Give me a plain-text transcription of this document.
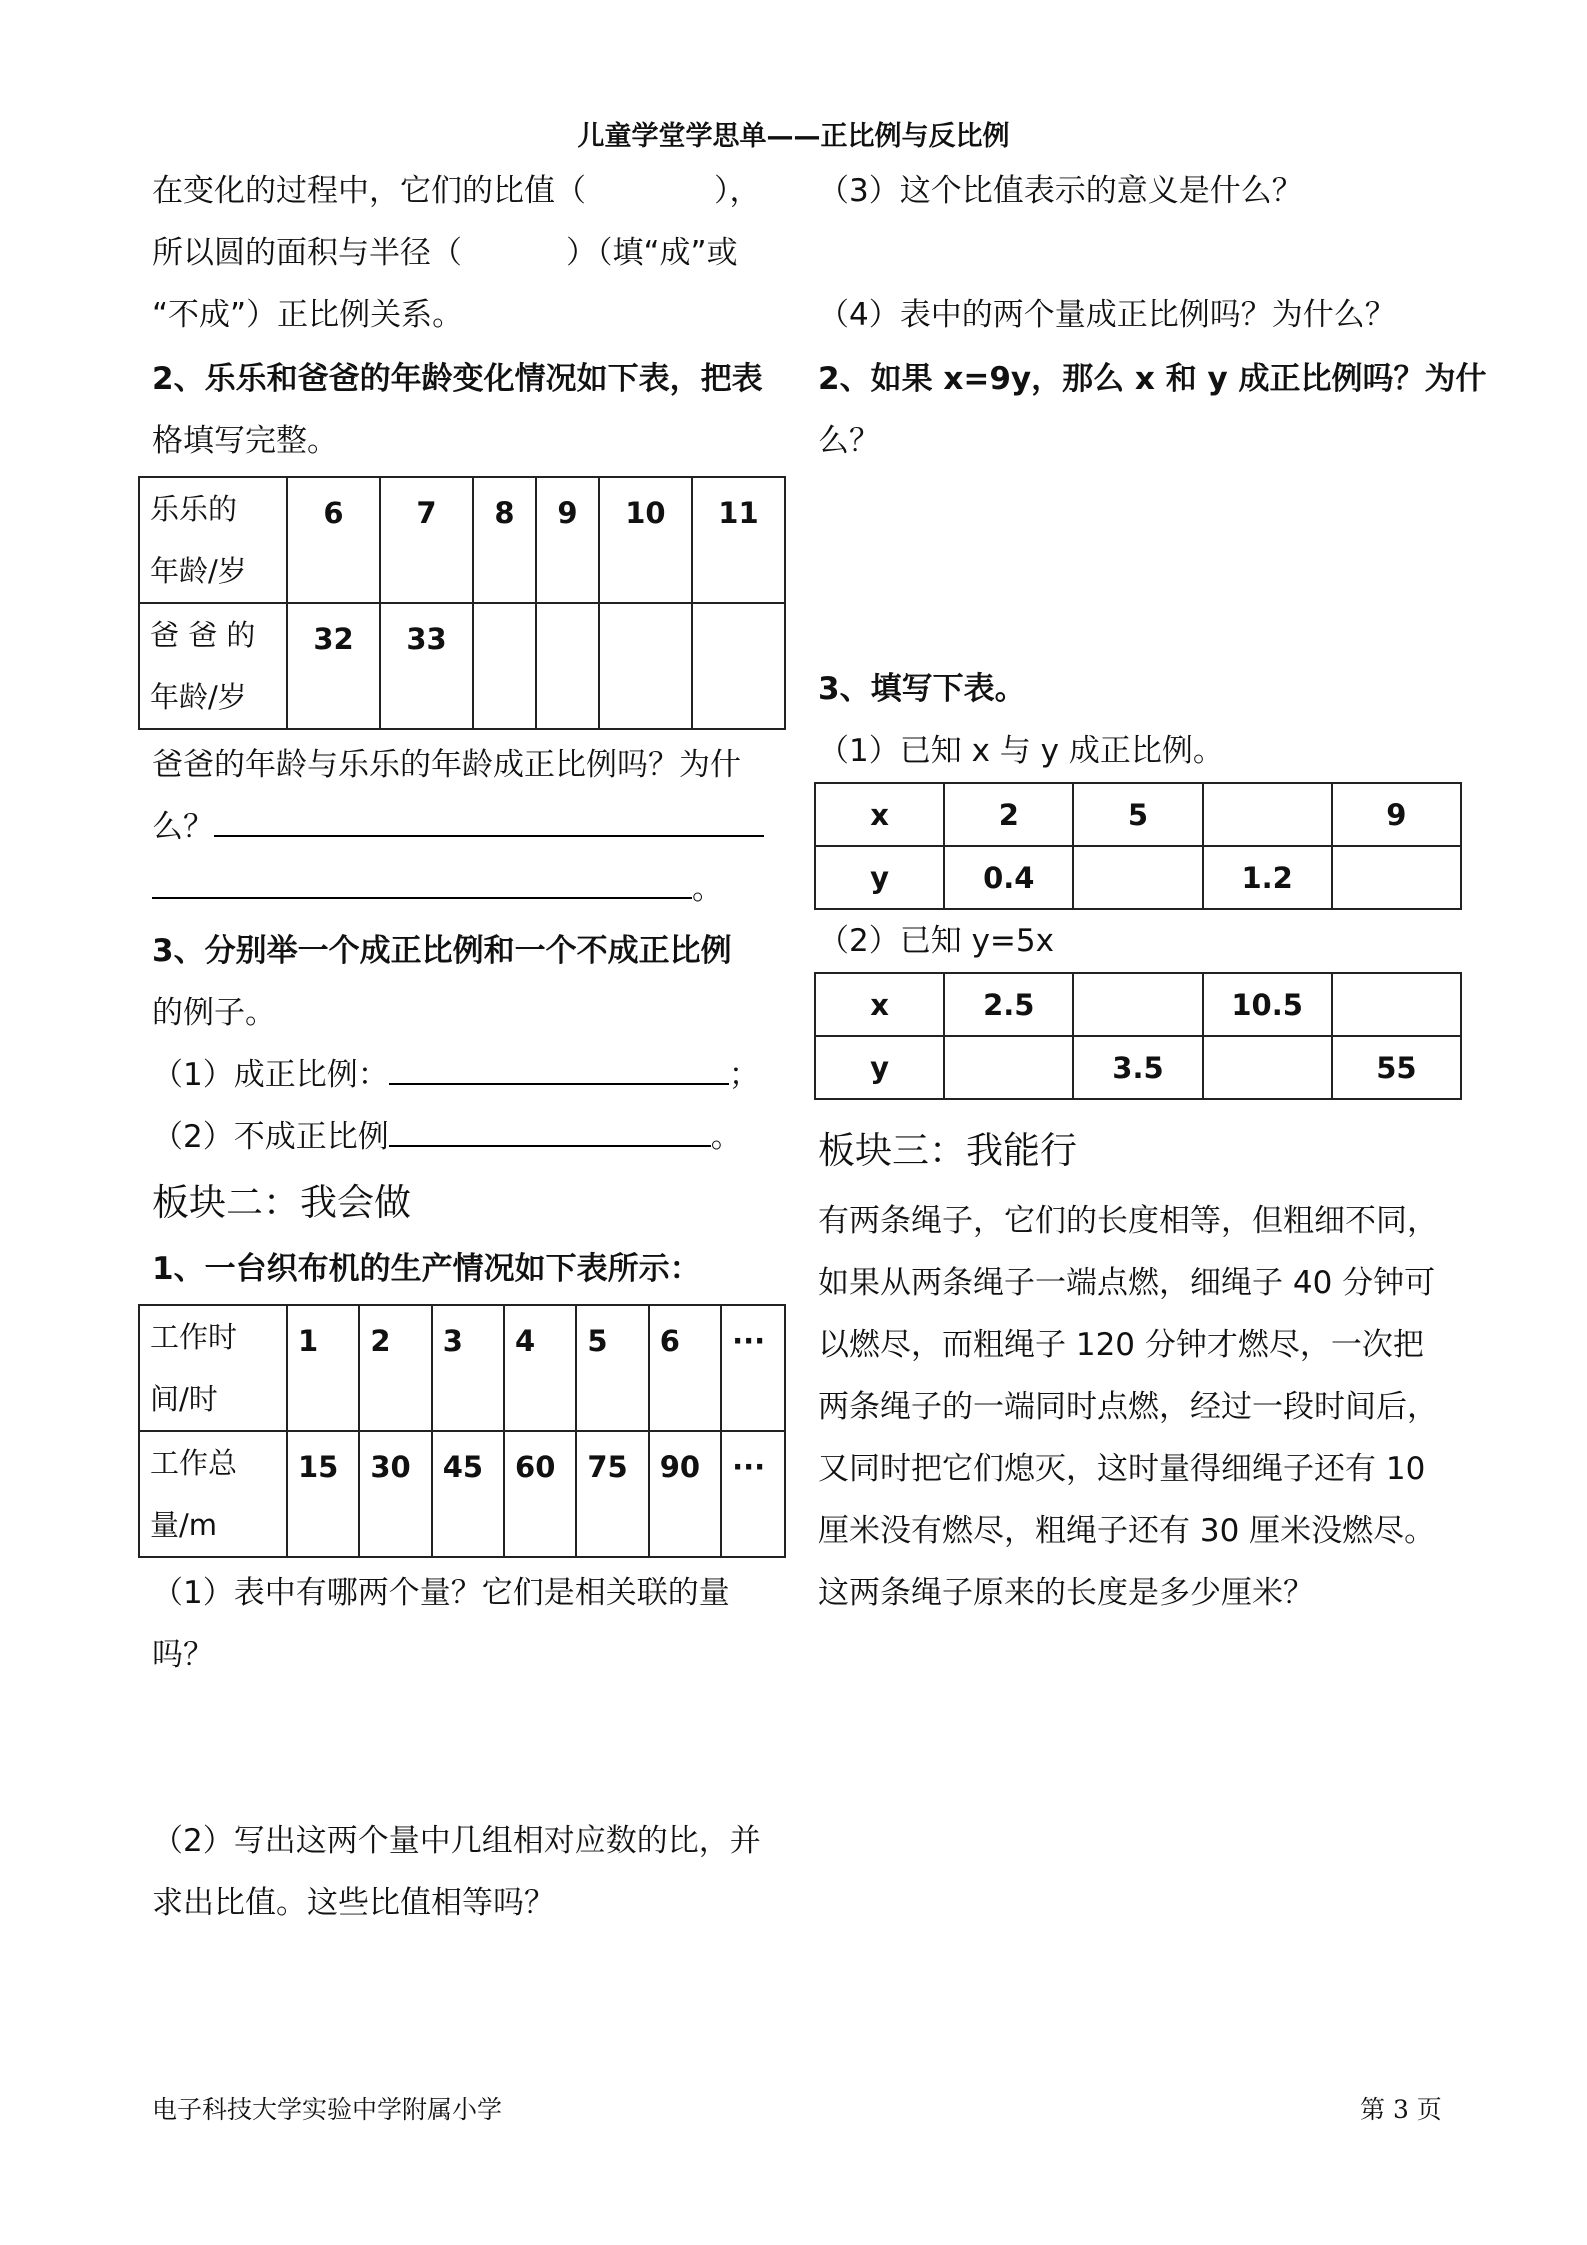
儿童学堂学思单——正比例与反比例
在变化的过程中，它们的比值（	），
所以圆的面积与半径（	）（填“成”或
“不成”）正比例关系。
2、乐乐和爸爸的年龄变化情况如下表，把表
格填写完整。
乐乐的
年龄/岁	6	7	8	9	10	11
爸 爸 的
年龄/岁	32	33				
爸爸的年龄与乐乐的年龄成正比例吗？为什
么？
。
3、分别举一个成正比例和一个不成正比例
的例子。
（1）成正比例：	；
（2）不成正比例	。
板块二：我会做
1、一台织布机的生产情况如下表所示：
工作时
间/时	1	2	3	4	5	6	···
工作总
量/m	15	30	45	60	75	90	···
（1）表中有哪两个量？它们是相关联的量
吗？
（2）写出这两个量中几组相对应数的比，并
求出比值。这些比值相等吗？
（3）这个比值表示的意义是什么？
（4）表中的两个量成正比例吗？为什么？
2、如果 x=9y，那么 x 和 y 成正比例吗？为什
么？
3、填写下表。
（1）已知 x 与 y 成正比例。
x	2	5		9
y	0.4		1.2	
（2）已知 y=5x
x	2.5		10.5	
y		3.5		55
板块三：我能行
有两条绳子，它们的长度相等，但粗细不同，
如果从两条绳子一端点燃，细绳子 40 分钟可
以燃尽，而粗绳子 120 分钟才燃尽，一次把
两条绳子的一端同时点燃，经过一段时间后，
又同时把它们熄灭，这时量得细绳子还有 10
厘米没有燃尽，粗绳子还有 30 厘米没燃尽。
这两条绳子原来的长度是多少厘米？
电子科技大学实验中学附属小学	第 3 页
